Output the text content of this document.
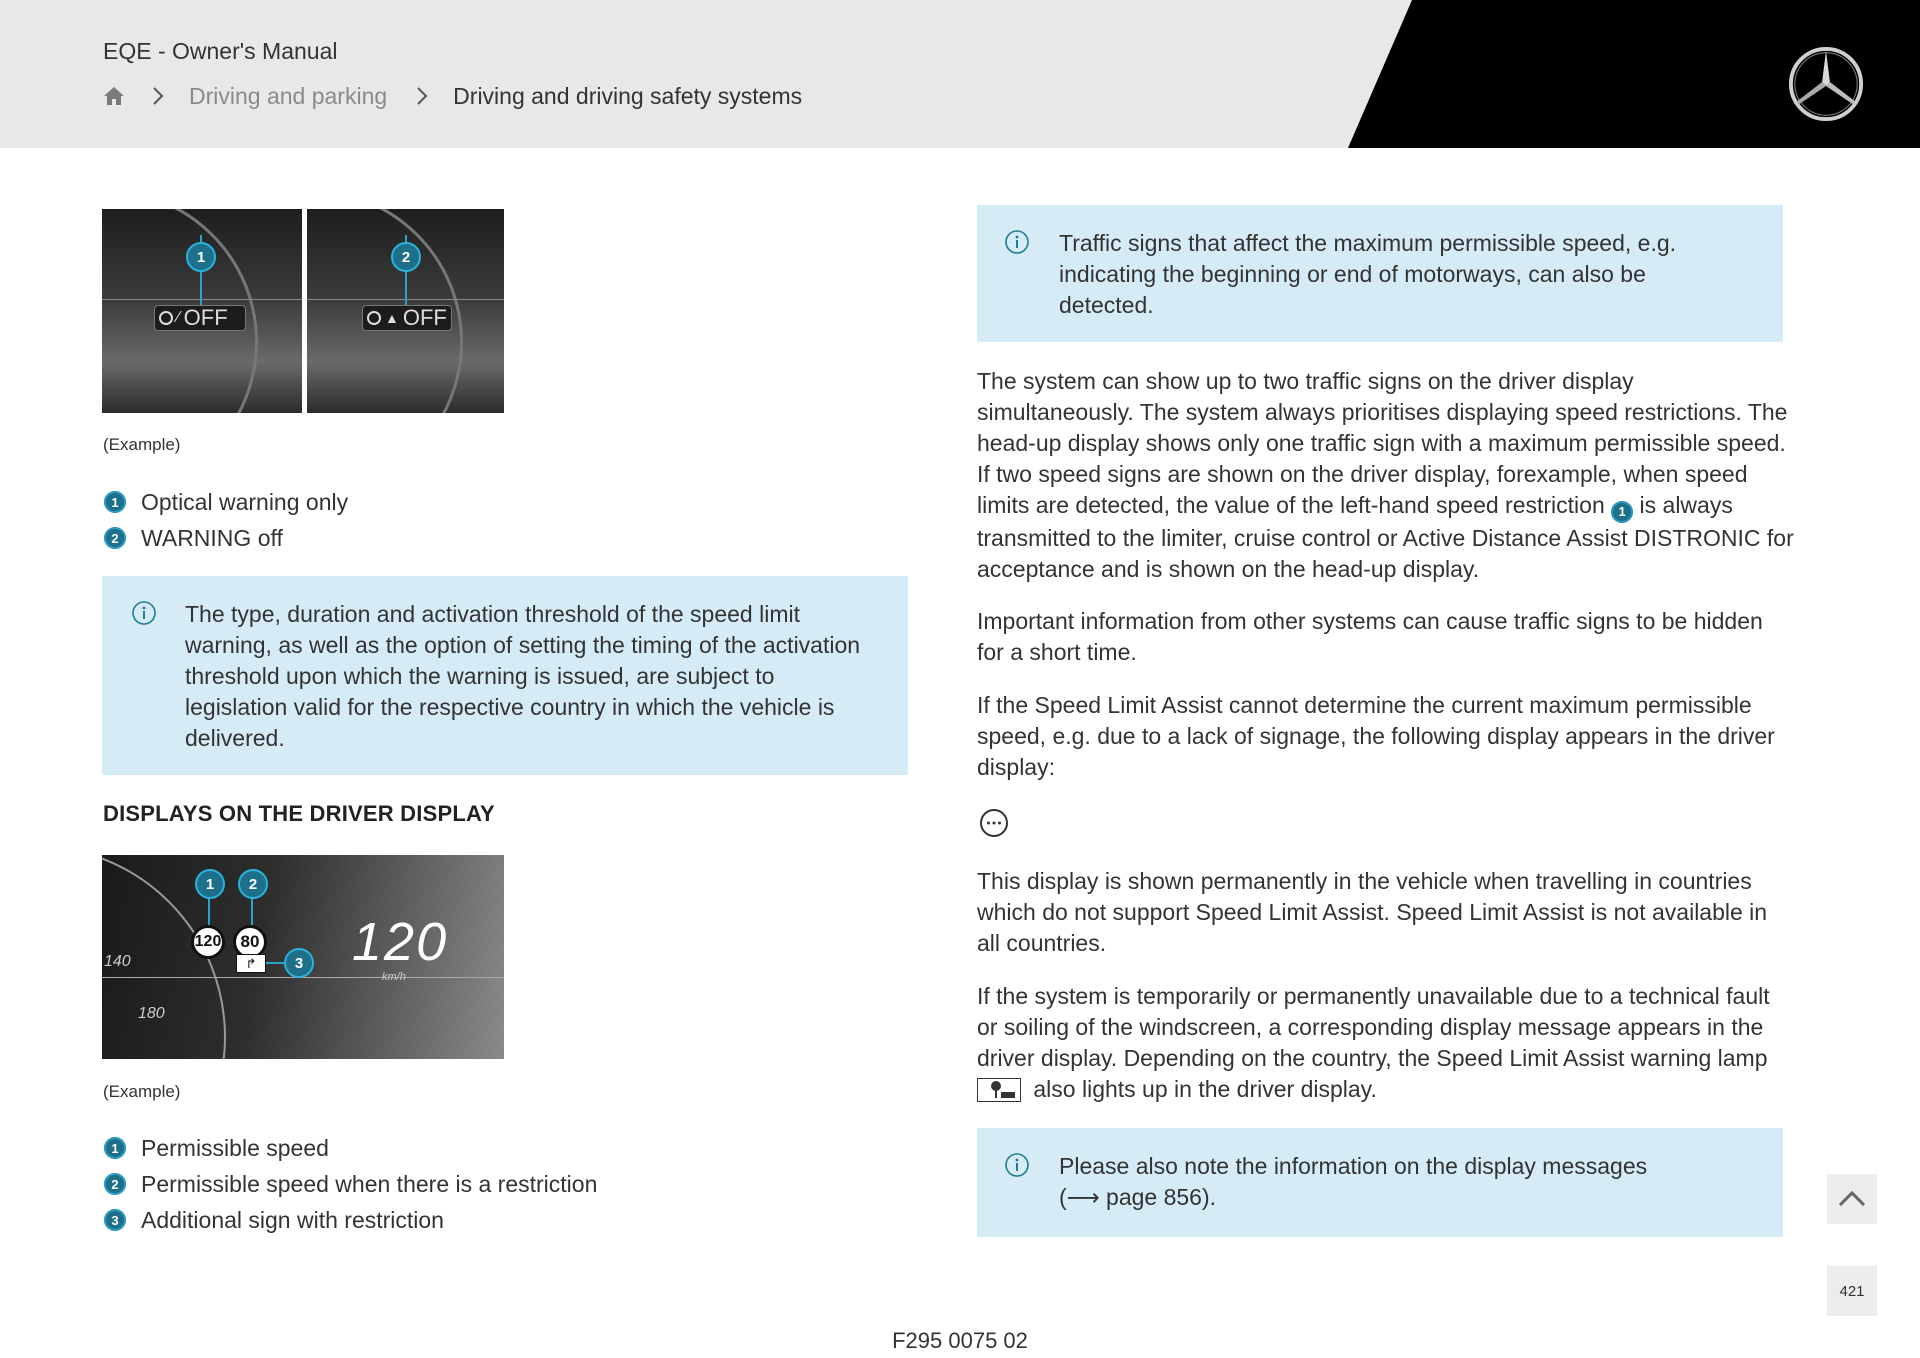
EQE - Owner's Manual
Driving and parking	Driving and driving safety systems
1
⁄ OFF
2
▲ OFF
(Example)
1 Optical warning only
2 WARNING off
The type, duration and activation threshold of the speed limit warning, as well as the option of setting the timing of the activation threshold upon which the warning is issued, are subject to legislation valid for the respective country in which the vehicle is delivered.
DISPLAYS ON THE DRIVER DISPLAY
140
180
1	2
3
120	80
↱ 120
km/h
(Example)
1 Permissible speed
2 Permissible speed when there is a restriction
3 Additional sign with restriction
Traffic signs that affect the maximum permissible speed, e.g. indicating the beginning or end of motorways, can also be detected.
The system can show up to two traffic signs on the driver display simultaneously. The system always prioritises displaying speed restrictions. The head-up display shows only one traffic sign with a maximum permissible speed. If two speed signs are shown on the driver display, forexample, when speed limits are detected, the value of the left-hand speed restriction 1 is always transmitted to the limiter, cruise control or Active Distance Assist DISTRONIC for acceptance and is shown on the head-up display.
Important information from other systems can cause traffic signs to be hidden for a short time.
If the Speed Limit Assist cannot determine the current maximum permissible speed, e.g. due to a lack of signage, the following display appears in the driver display:
This display is shown permanently in the vehicle when travelling in countries which do not support Speed Limit Assist. Speed Limit Assist is not available in all countries.
If the system is temporarily or permanently unavailable due to a technical fault or soiling of the windscreen, a corresponding display message appears in the driver display. Depending on the country, the Speed Limit Assist warning lamp
also lights up in the driver display.
Please also note the information on the display messages
(⟶ page 856).
421
F295 0075 02
